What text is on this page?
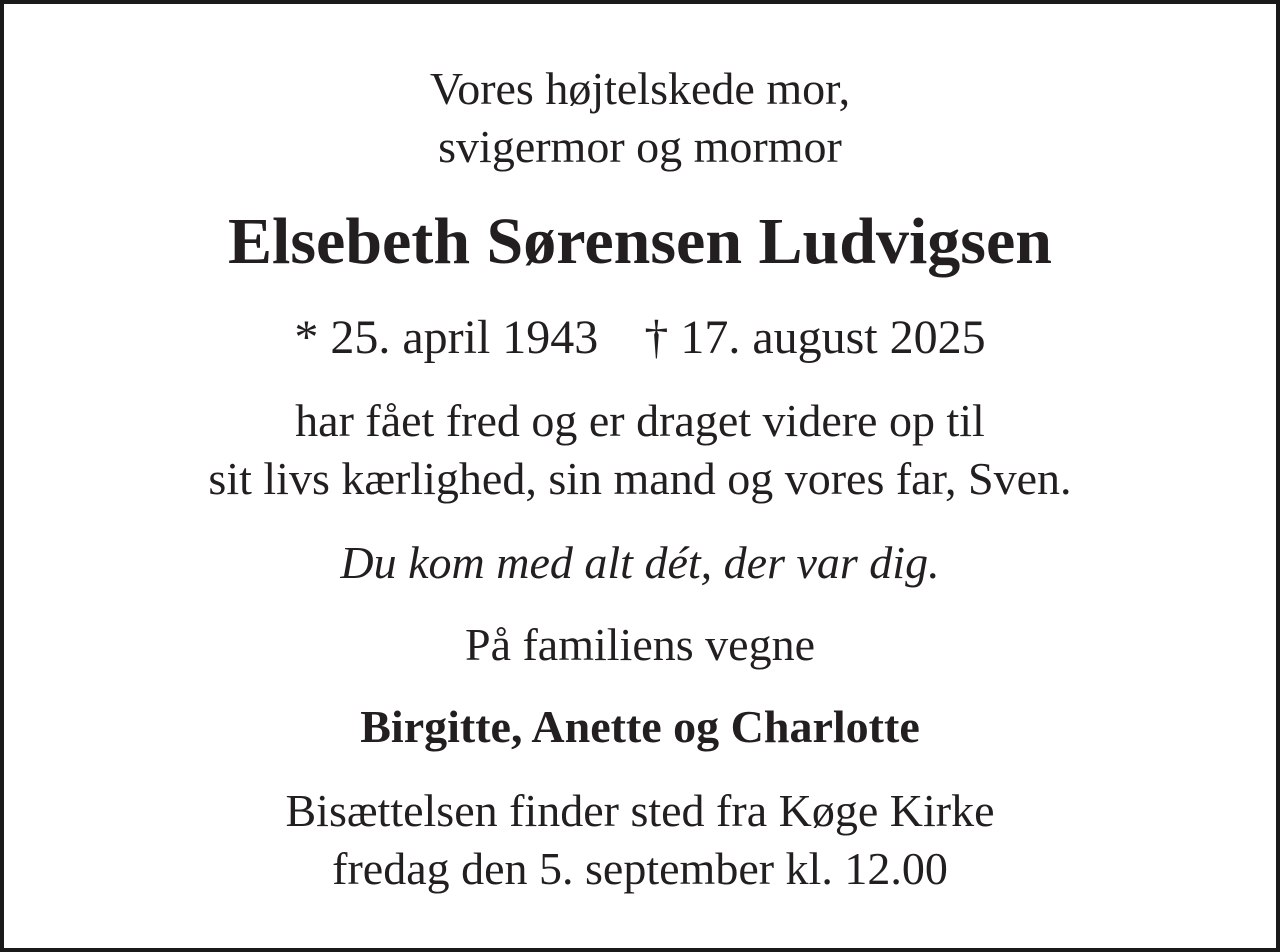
Vores højtelskede mor,
svigermor og mormor
Elsebeth Sørensen Ludvigsen
* 25. april 1943 † 17. august 2025
har fået fred og er draget videre op til
sit livs kærlighed, sin mand og vores far, Sven.
Du kom med alt dét, der var dig.
På familiens vegne
Birgitte, Anette og Charlotte
Bisættelsen finder sted fra Køge Kirke
fredag den 5. september kl. 12.00
